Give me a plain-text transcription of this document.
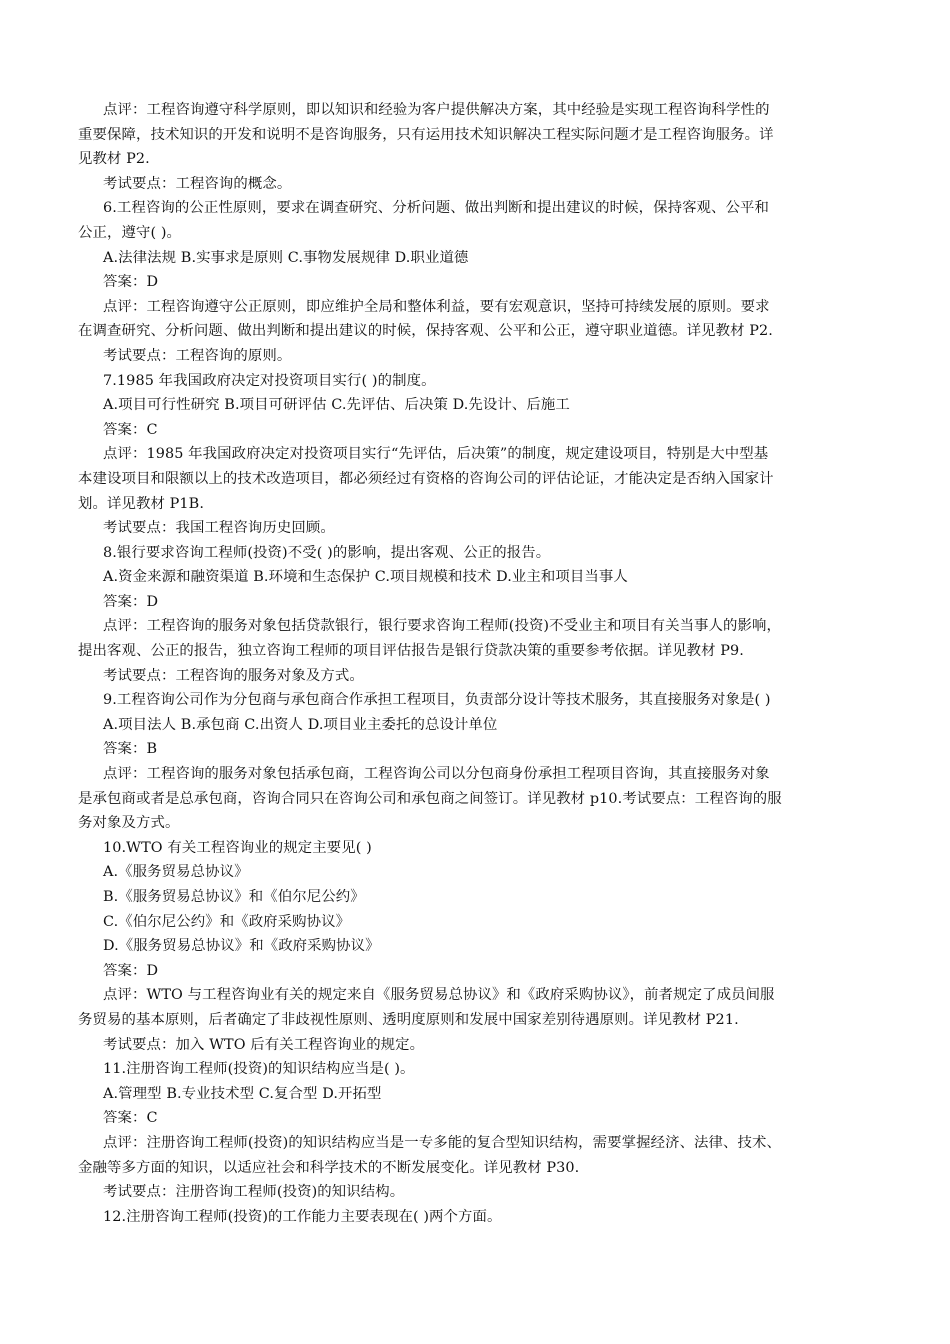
点评：工程咨询遵守科学原则，即以知识和经验为客户提供解决方案，其中经验是实现工程咨询科学性的

重要保障，技术知识的开发和说明不是咨询服务，只有运用技术知识解决工程实际问题才是工程咨询服务。详

见教材 P2.

考试要点：工程咨询的概念。

6.工程咨询的公正性原则，要求在调查研究、分析问题、做出判断和提出建议的时候，保持客观、公平和

公正，遵守( )。

A.法律法规 B.实事求是原则 C.事物发展规律 D.职业道德

答案：D

点评：工程咨询遵守公正原则，即应维护全局和整体利益，要有宏观意识，坚持可持续发展的原则。要求

在调查研究、分析问题、做出判断和提出建议的时候，保持客观、公平和公正，遵守职业道德。详见教材 P2.

考试要点：工程咨询的原则。

7.1985 年我国政府决定对投资项目实行( )的制度。

A.项目可行性研究 B.项目可研评估 C.先评估、后决策 D.先设计、后施工

答案：C

点评：1985 年我国政府决定对投资项目实行“先评估，后决策”的制度，规定建设项目，特别是大中型基

本建设项目和限额以上的技术改造项目，都必须经过有资格的咨询公司的评估论证，才能决定是否纳入国家计

划。详见教材 P1B.

考试要点：我国工程咨询历史回顾。

8.银行要求咨询工程师(投资)不受( )的影响，提出客观、公正的报告。

A.资金来源和融资渠道 B.环境和生态保护 C.项目规模和技术 D.业主和项目当事人

答案：D

点评：工程咨询的服务对象包括贷款银行，银行要求咨询工程师(投资)不受业主和项目有关当事人的影响，

提出客观、公正的报告，独立咨询工程师的项目评估报告是银行贷款决策的重要参考依据。详见教材 P9.

考试要点：工程咨询的服务对象及方式。

9.工程咨询公司作为分包商与承包商合作承担工程项目，负责部分设计等技术服务，其直接服务对象是( )

A.项目法人 B.承包商 C.出资人 D.项目业主委托的总设计单位

答案：B

点评：工程咨询的服务对象包括承包商，工程咨询公司以分包商身份承担工程项目咨询，其直接服务对象

是承包商或者是总承包商，咨询合同只在咨询公司和承包商之间签订。详见教材 p10.考试要点：工程咨询的服

务对象及方式。

10.WTO 有关工程咨询业的规定主要见( )

A.《服务贸易总协议》

B.《服务贸易总协议》和《伯尔尼公约》

C.《伯尔尼公约》和《政府采购协议》

D.《服务贸易总协议》和《政府采购协议》

答案：D

点评：WTO 与工程咨询业有关的规定来自《服务贸易总协议》和《政府采购协议》，前者规定了成员间服

务贸易的基本原则，后者确定了非歧视性原则、透明度原则和发展中国家差别待遇原则。详见教材 P21.

考试要点：加入 WTO 后有关工程咨询业的规定。

11.注册咨询工程师(投资)的知识结构应当是( )。

A.管理型 B.专业技术型 C.复合型 D.开拓型

答案：C

点评：注册咨询工程师(投资)的知识结构应当是一专多能的复合型知识结构，需要掌握经济、法律、技术、

金融等多方面的知识，以适应社会和科学技术的不断发展变化。详见教材 P30.

考试要点：注册咨询工程师(投资)的知识结构。

12.注册咨询工程师(投资)的工作能力主要表现在( )两个方面。
